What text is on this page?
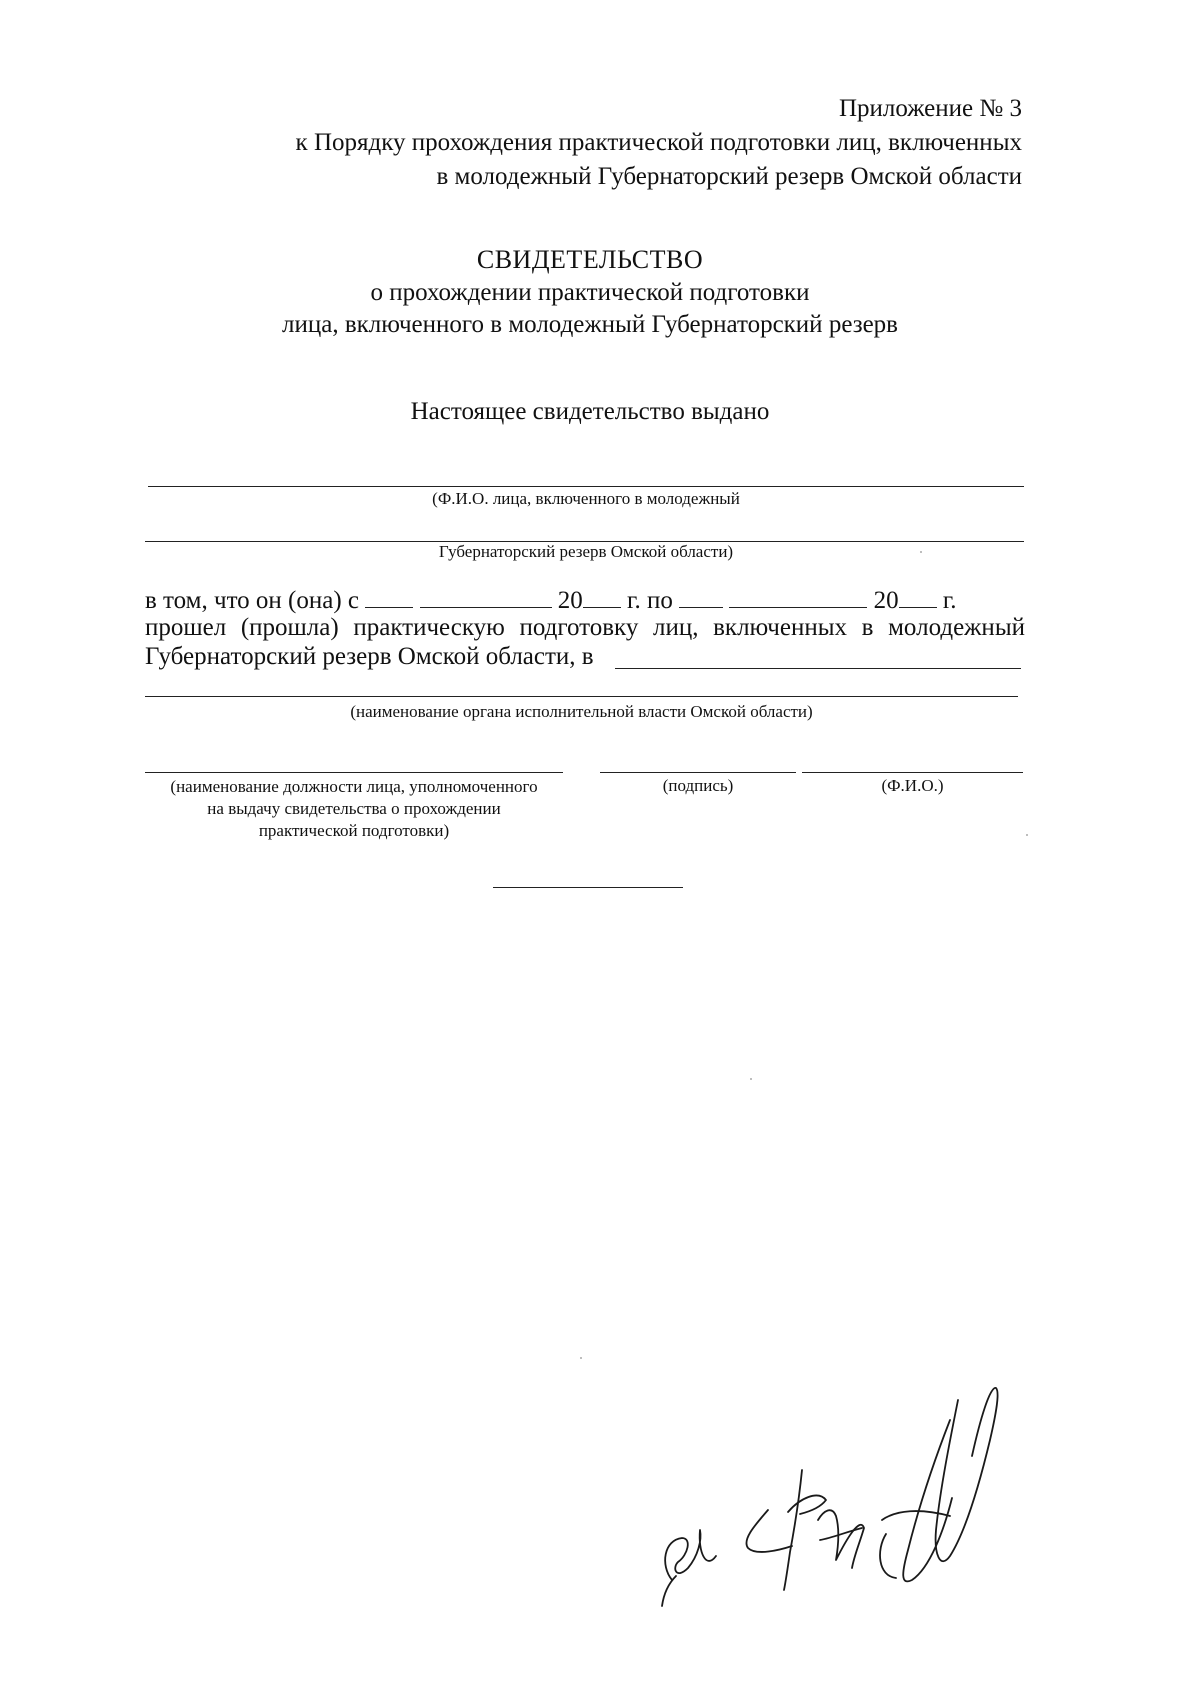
Приложение № 3
к Порядку прохождения практической подготовки лиц, включенных
в молодежный Губернаторский резерв Омской области
СВИДЕТЕЛЬСТВО
о прохождении практической подготовки
лица, включенного в молодежный Губернаторский резерв
Настоящее свидетельство выдано
(Ф.И.О. лица, включенного в молодежный
Губернаторский резерв Омской области)
в том, что он (она) с	20 г. по	20 г.
прошел (прошла) практическую подготовку лиц, включенных в молодежный
Губернаторский резерв Омской области, в
(наименование органа исполнительной власти Омской области)
(наименование должности лица, уполномоченного
на выдачу свидетельства о прохождении
практической подготовки)
(подпись)	(Ф.И.О.)
